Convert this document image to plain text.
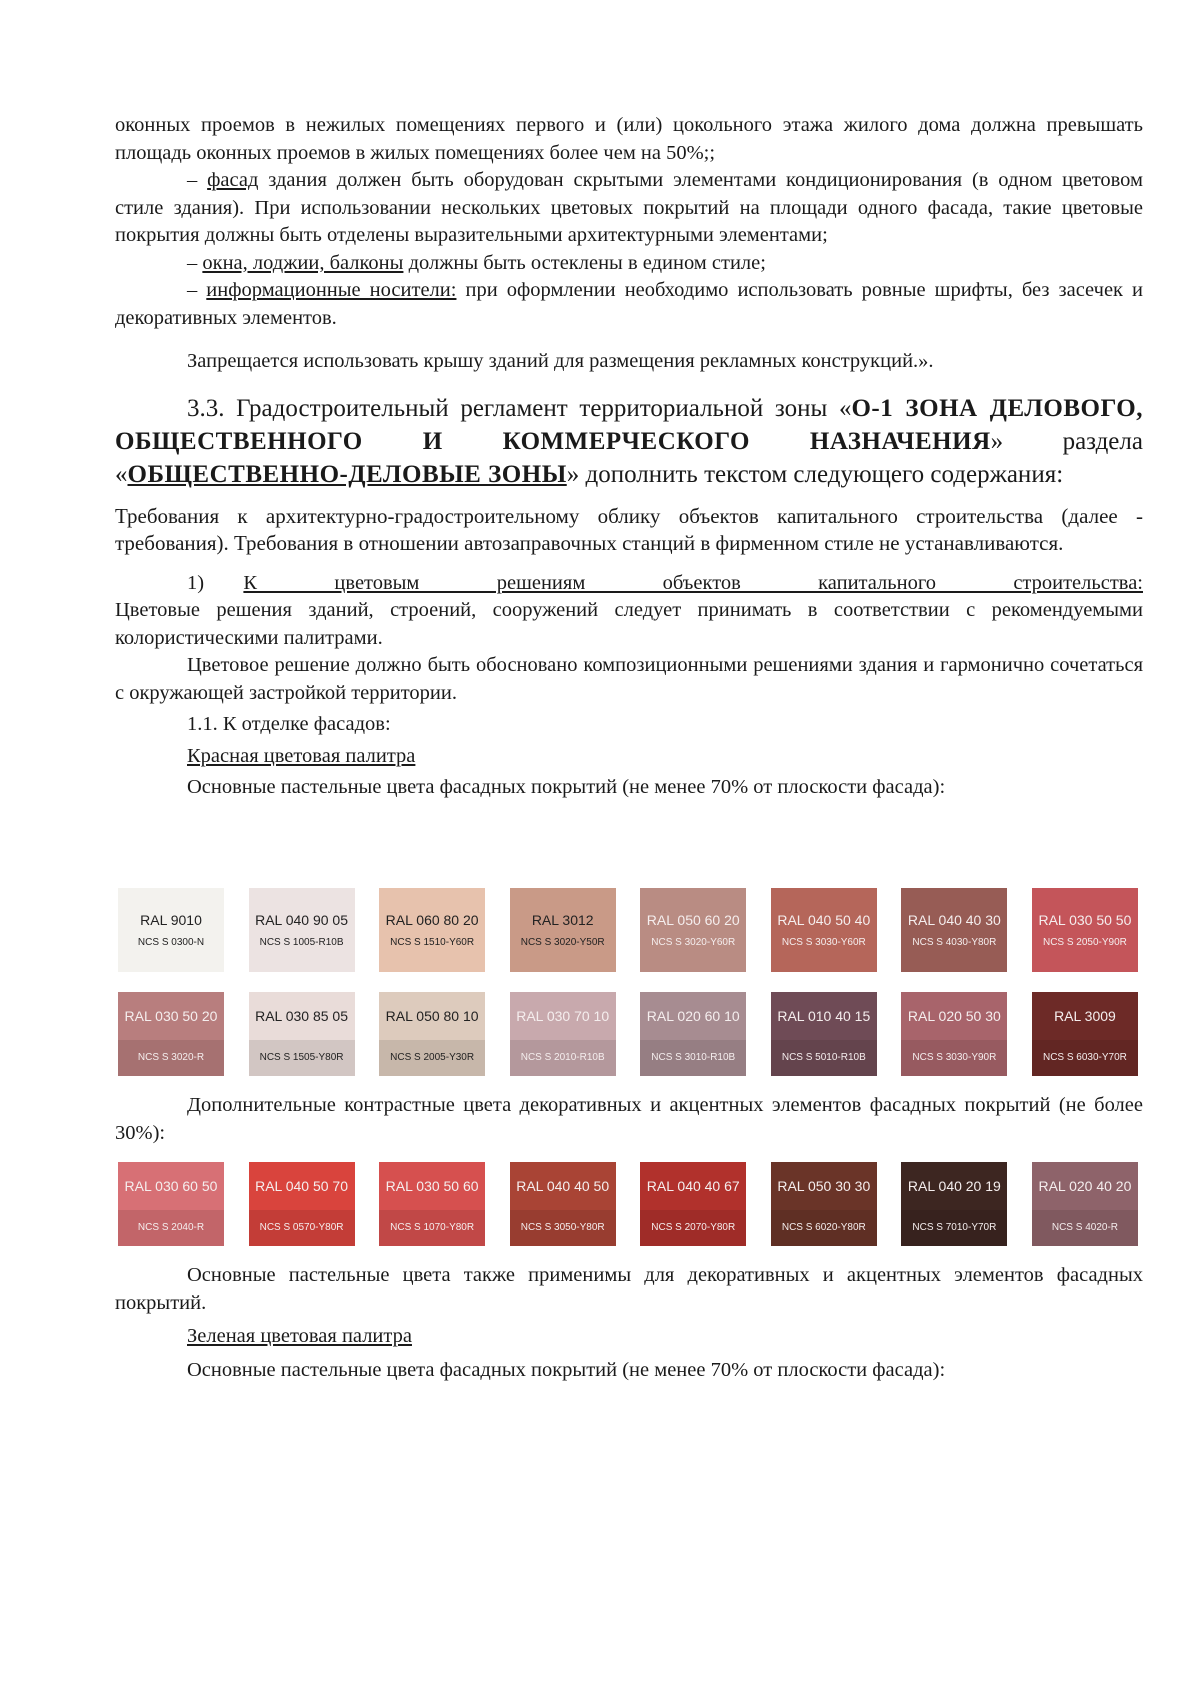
оконных проемов в нежилых помещениях первого и (или) цокольного этажа жилого дома должна превышать площадь оконных проемов в жилых помещениях более чем на 50%;;

– фасад здания должен быть оборудован скрытыми элементами кондиционирования (в одном цветовом стиле здания). При использовании нескольких цветовых покрытий на площади одного фасада, такие цветовые покрытия должны быть отделены выразительными архитектурными элементами;

– окна, лоджии, балконы должны быть остеклены в едином стиле;

– информационные носители: при оформлении необходимо использовать ровные шрифты, без засечек и декоративных элементов.

Запрещается использовать крышу зданий для размещения рекламных конструкций.».

3.3. Градостроительный регламент территориальной зоны «О-1 ЗОНА ДЕЛОВОГО, ОБЩЕСТВЕННОГО И КОММЕРЧЕСКОГО НАЗНАЧЕНИЯ» раздела «ОБЩЕСТВЕННО-ДЕЛОВЫЕ ЗОНЫ» дополнить текстом следующего содержания:

Требования к архитектурно-градостроительному облику объектов капитального строительства (далее - требования). Требования в отношении автозаправочных станций в фирменном стиле не устанавливаются.

1) К цветовым решениям объектов капитального строительства:

Цветовые решения зданий, строений, сооружений следует принимать в соответствии с рекомендуемыми колористическими палитрами.

Цветовое решение должно быть обоснованo композиционными решениями здания и гармонично сочетаться с окружающей застройкой территории.

1.1. К отделке фасадов:

Красная цветовая палитра

Основные пастельные цвета фасадных покрытий (не менее 70% от плоскости фасада):

RAL 9010
NCS S 0300-N
RAL 040 90 05
NCS S 1005-R10B
RAL 060 80 20
NCS S 1510-Y60R
RAL 3012
NCS S 3020-Y50R
RAL 050 60 20
NCS S 3020-Y60R
RAL 040 50 40
NCS S 3030-Y60R
RAL 040 40 30
NCS S 4030-Y80R
RAL 030 50 50
NCS S 2050-Y90R
RAL 030 50 20
NCS S 3020-R
RAL 030 85 05
NCS S 1505-Y80R
RAL 050 80 10
NCS S 2005-Y30R
RAL 030 70 10
NCS S 2010-R10B
RAL 020 60 10
NCS S 3010-R10B
RAL 010 40 15
NCS S 5010-R10B
RAL 020 50 30
NCS S 3030-Y90R
RAL 3009
NCS S 6030-Y70R

Дополнительные контрастные цвета декоративных и акцентных элементов фасадных покрытий (не более 30%):

RAL 030 60 50
NCS S 2040-R
RAL 040 50 70
NCS S 0570-Y80R
RAL 030 50 60
NCS S 1070-Y80R
RAL 040 40 50
NCS S 3050-Y80R
RAL 040 40 67
NCS S 2070-Y80R
RAL 050 30 30
NCS S 6020-Y80R
RAL 040 20 19
NCS S 7010-Y70R
RAL 020 40 20
NCS S 4020-R

Основные пастельные цвета также применимы для декоративных и акцентных элементов фасадных покрытий.

Зеленая цветовая палитра

Основные пастельные цвета фасадных покрытий (не менее 70% от плоскости фасада):
